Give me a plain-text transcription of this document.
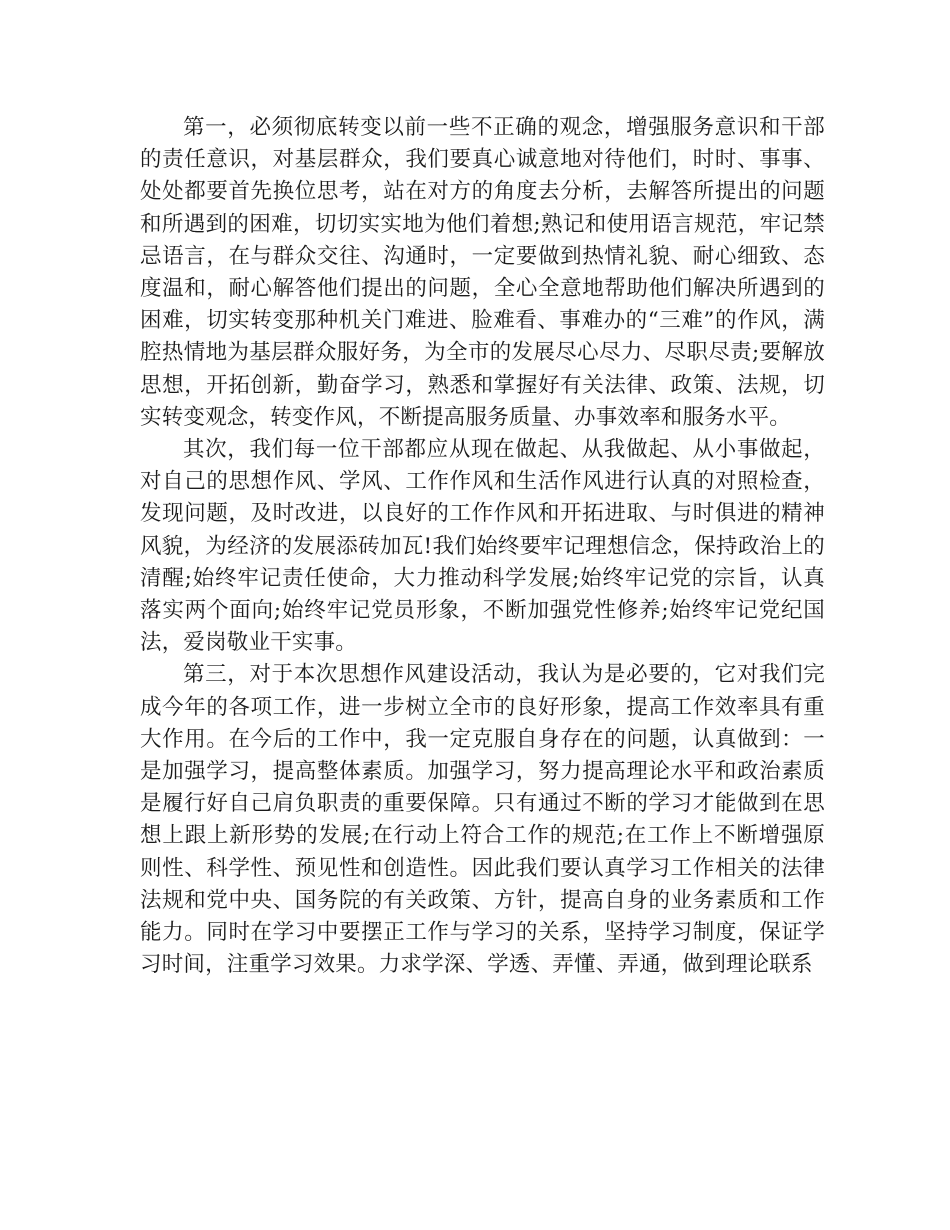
第一，必须彻底转变以前一些不正确的观念，增强服务意识和干部的责任意识，对基层群众，我们要真心诚意地对待他们，时时、事事、处处都要首先换位思考，站在对方的角度去分析，去解答所提出的问题和所遇到的困难，切切实实地为他们着想;熟记和使用语言规范，牢记禁忌语言，在与群众交往、沟通时，一定要做到热情礼貌、耐心细致、态度温和，耐心解答他们提出的问题，全心全意地帮助他们解决所遇到的困难，切实转变那种机关门难进、脸难看、事难办的“三难”的作风，满腔热情地为基层群众服好务，为全市的发展尽心尽力、尽职尽责;要解放思想，开拓创新，勤奋学习，熟悉和掌握好有关法律、政策、法规，切实转变观念，转变作风，不断提高服务质量、办事效率和服务水平。

其次，我们每一位干部都应从现在做起、从我做起、从小事做起，对自己的思想作风、学风、工作作风和生活作风进行认真的对照检查，发现问题，及时改进，以良好的工作作风和开拓进取、与时俱进的精神风貌，为经济的发展添砖加瓦!我们始终要牢记理想信念，保持政治上的清醒;始终牢记责任使命，大力推动科学发展;始终牢记党的宗旨，认真落实两个面向;始终牢记党员形象，不断加强党性修养;始终牢记党纪国法，爱岗敬业干实事。

第三，对于本次思想作风建设活动，我认为是必要的，它对我们完成今年的各项工作，进一步树立全市的良好形象，提高工作效率具有重大作用。在今后的工作中，我一定克服自身存在的问题，认真做到：一是加强学习，提高整体素质。加强学习，努力提高理论水平和政治素质是履行好自己肩负职责的重要保障。只有通过不断的学习才能做到在思想上跟上新形势的发展;在行动上符合工作的规范;在工作上不断增强原则性、科学性、预见性和创造性。因此我们要认真学习工作相关的法律法规和党中央、国务院的有关政策、方针，提高自身的业务素质和工作能力。同时在学习中要摆正工作与学习的关系，坚持学习制度，保证学习时间，注重学习效果。力求学深、学透、弄懂、弄通，做到理论联系
